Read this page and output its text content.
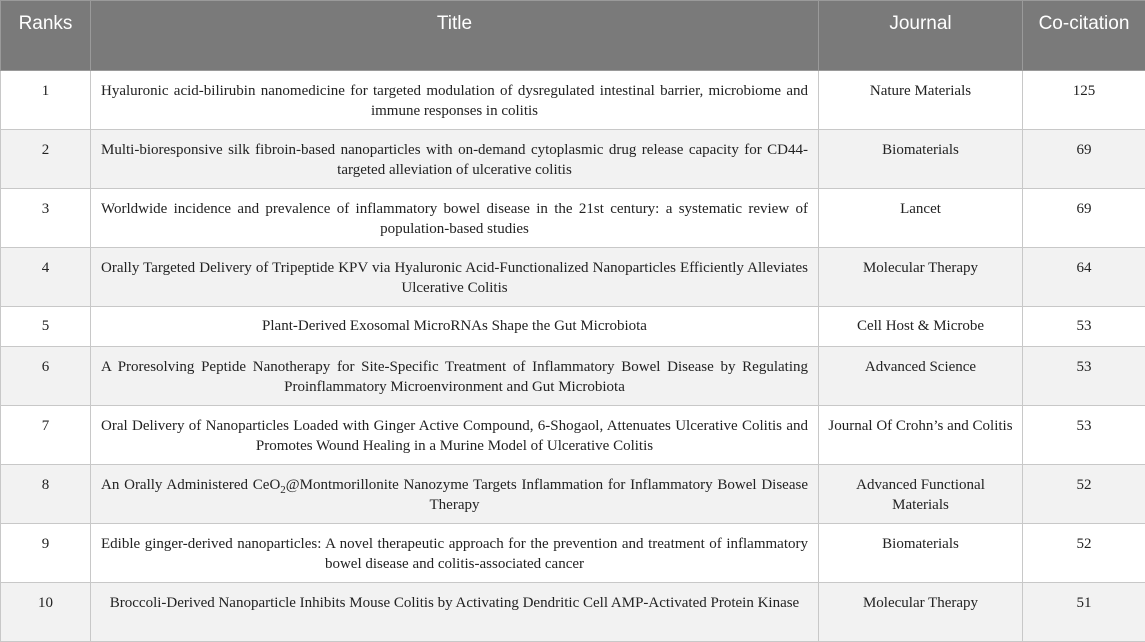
Ranks	Title	Journal	Co-citation
1	Hyaluronic acid-bilirubin nanomedicine for targeted modulation of dysregulated intestinal barrier, microbiome and immune responses in colitis	Nature Materials	125
2	Multi-bioresponsive silk fibroin-based nanoparticles with on-demand cytoplasmic drug release capacity for CD44-targeted alleviation of ulcerative colitis	Biomaterials	69
3	Worldwide incidence and prevalence of inflammatory bowel disease in the 21st century: a systematic review of population-based studies	Lancet	69
4	Orally Targeted Delivery of Tripeptide KPV via Hyaluronic Acid-Functionalized Nanoparticles Efficiently Alleviates Ulcerative Colitis	Molecular Therapy	64
5	Plant-Derived Exosomal MicroRNAs Shape the Gut Microbiota	Cell Host & Microbe	53
6	A Proresolving Peptide Nanotherapy for Site-Specific Treatment of Inflammatory Bowel Disease by Regulating Proinflammatory Microenvironment and Gut Microbiota	Advanced Science	53
7	Oral Delivery of Nanoparticles Loaded with Ginger Active Compound, 6-Shogaol, Attenuates Ulcerative Colitis and Promotes Wound Healing in a Murine Model of Ulcerative Colitis	Journal Of Crohn’s and Colitis	53
8	An Orally Administered CeO$_2$@Montmorillonite Nanozyme Targets Inflammation for Inflammatory Bowel Disease Therapy	Advanced Functional Materials	52
9	Edible ginger-derived nanoparticles: A novel therapeutic approach for the prevention and treatment of inflammatory bowel disease and colitis-associated cancer	Biomaterials	52
10	Broccoli-Derived Nanoparticle Inhibits Mouse Colitis by Activating Dendritic Cell AMP-Activated Protein Kinase	Molecular Therapy	51
